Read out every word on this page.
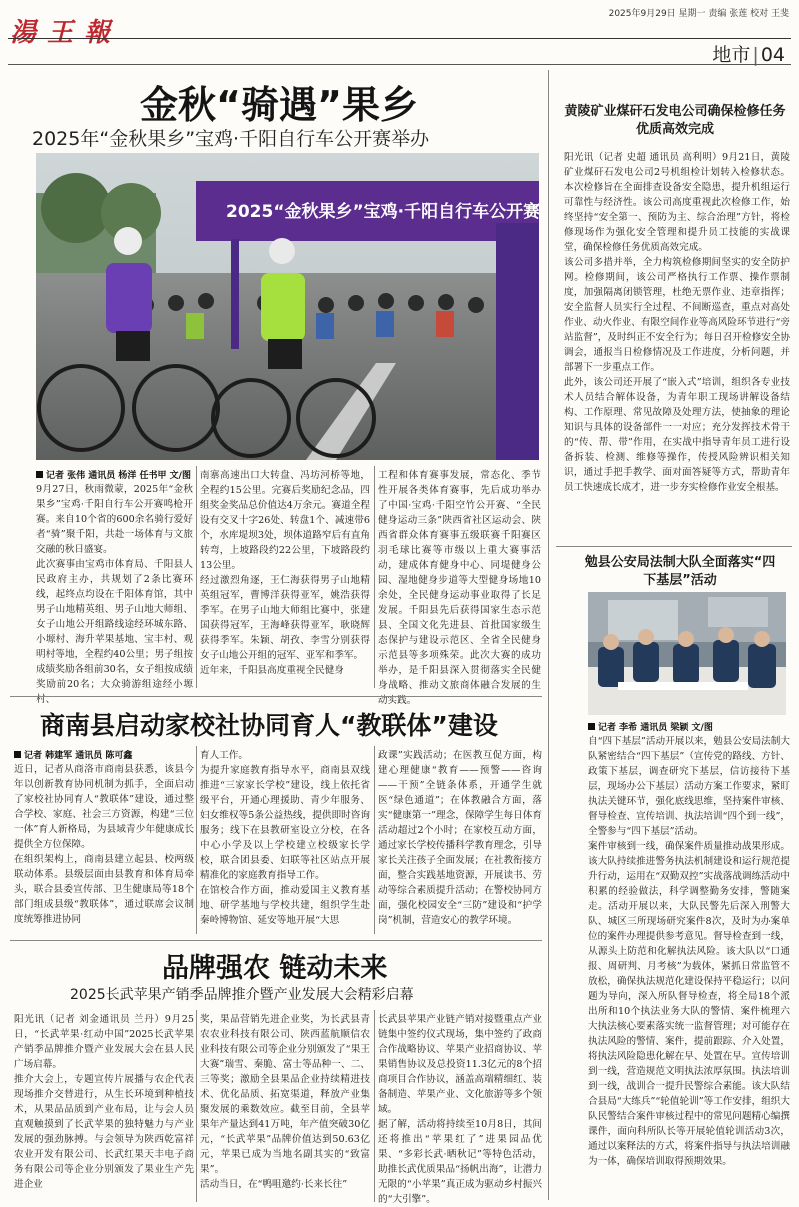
湯 王 報
2025年9月29日 星期一 责编 张莲 校对 王斐
地市 | 04
金秋“骑遇”果乡
2025年“金秋果乡”宝鸡·千阳自行车公开赛举办
2025“金秋果乡”宝鸡·千阳自行车公开赛
记者 张伟 通讯员 杨洋 任书甲 文/图
9月27日，秋雨微蒙，2025年“金秋果乡”宝鸡·千阳自行车公开赛鸣枪开赛。来自10个省的600余名骑行爱好者“骑”聚千阳，共赴一场体育与文旅交融的秋日盛宴。
此次赛事由宝鸡市体育局、千阳县人民政府主办，共规划了2条比赛环线，起终点均设在千阳体育馆，其中男子山地精英组、男子山地大师组、女子山地公开组路线途经环城东路、小塬村、海升苹果基地、宝丰村、观明村等地，全程约40公里；男子组按成绩奖励各组前30名，女子组按成绩奖励前20名；大众骑游组途经小塬村、
南寨高速出口大转盘、冯坊河桥等地，全程约15公里。完赛后奖励纪念品，四组奖金奖品总价值达4万余元。赛道全程设有交叉十字26处、转盘1个、减速带6个，水库堤坝3处，坝体道路窄后有直角转弯，上坡路段约22公里，下坡路段约13公里。
经过激烈角逐，王仁海获得男子山地精英组冠军，曹博洋获得亚军，姚浩获得季军。在男子山地大师组比赛中，张建国获得冠军，王海峰获得亚军，耿晓辉获得季军。朱颖、胡孜、李雪分别获得女子山地公开组的冠军、亚军和季军。
近年来，千阳县高度重视全民健身
工程和体育赛事发展，常态化、季节性开展各类体育赛事，先后成功举办了中国·宝鸡·千阳空竹公开赛、“全民健身运动三条”陕西省社区运动会、陕西省群众体育赛事五级联赛千阳赛区羽毛球比赛等市级以上重大赛事活动，建成体育健身中心、同堤健身公园、湿地健身步道等大型健身场地10余处，全民健身运动事业取得了长足发展。千阳县先后获得国家生态示范县、全国文化先进县、首批国家级生态保护与建设示范区、全省全民健身示范县等多项殊荣。此次大赛的成功举办，是千阳县深入贯彻落实全民健身战略、推动文旅商体融合发展的生动实践。
黄陵矿业煤矸石发电公司确保检修任务优质高效完成
阳光讯（记者 史超 通讯员 高利明）9月21日，黄陵矿业煤矸石发电公司2号机组检计划转入检修状态。本次检修旨在全面排查设备安全隐患，提升机组运行可靠性与经济性。该公司高度重视此次检修工作，始终坚持“安全第一、预防为主、综合治理”方针，将检修现场作为强化安全管理和提升员工技能的实战课堂，确保检修任务优质高效完成。
该公司多措并举，全力构筑检修期间坚实的安全防护网。检修期间，该公司严格执行工作票、操作票制度，加强隔离闭锁管理，杜绝无票作业、违章指挥；安全监督人员实行全过程、不间断巡查，重点对高处作业、动火作业、有限空间作业等高风险环节进行“旁站监督”，及时纠正不安全行为；每日召开检修安全协调会，通报当日检修情况及工作进度，分析问题，并部署下一步重点工作。
此外，该公司还开展了“嵌入式”培训，组织各专业技术人员结合解体设备，为青年职工现场讲解设备结构、工作原理、常见故障及处理方法，使抽象的理论知识与具体的设备部件一一对应；充分发挥技术骨干的“传、帮、带”作用，在实战中指导青年员工进行设备拆装、检测、维修等操作，传授风险辨识相关知识，通过手把手教学、面对面答疑等方式，帮助青年员工快速成长成才，进一步夯实检修作业安全根基。
勉县公安局法制大队全面落实“四下基层”活动
记者 李希 通讯员 梁颖 文/图
自“四下基层”活动开展以来，勉县公安局法制大队紧密结合“四下基层”（宣传党的路线、方针、政策下基层，调查研究下基层，信访接待下基层，现场办公下基层）活动方案工作要求，紧盯执法关键环节，强化底线思维，坚持案件审核、督导检查、宣传培训、执法培训“四个到一线”，全警参与“四下基层”活动。
案件审核到一线，确保案件质量推动战果形成。该大队持续推进警务执法机制建设和运行规范提升行动，运用在“双勤双控”实战落战调练活动中积累的经验做法，科学调整勤务安排，警随案走。活动开展以来，大队民警先后深入刑警大队、城区三所现场研究案件8次，及时为办案单位的案件办理提供参考意见。督导检查到一线，从源头上防范和化解执法风险。该大队以“口通报、周研判、月考核”为载体，紧抓日常监管不放松，确保执法规范化建设保持平稳运行；以问题为导向，深入所队督导检查，将全局18个派出所和10个执法业务大队的警情、案件梳理六大执法核心要素落实统一监督管理；对可能存在执法风险的警情、案件，提前跟踪、介入处置，将执法风险隐患化解在早、处置在早。宣传培训到一线，营造规范文明执法浓厚氛围。执法培训到一线，战训合一提升民警综合素能。该大队结合县局“大练兵”“轮值轮训”等工作安排，组织大队民警结合案件审核过程中的常见问题精心编撰课件，面向科所队长等开展轮值轮训活动3次，通过以案释法的方式，将案件指导与执法培训融为一体，确保培训取得预期效果。
商南县启动家校社协同育人“教联体”建设
记者 韩建军 通讯员 陈可鑫
近日，记者从商洛市商南县获悉，该县今年以创新教育协同机制为抓手，全面启动了家校社协同育人“教联体”建设，通过整合学校、家庭、社会三方资源，构建“三位一体”育人新格局，为县域青少年健康成长提供全方位保障。
在组织架构上，商南县建立起县、校两级联动体系。县级层面由县教育和体育局牵头，联合县委宣传部、卫生健康局等18个部门组成县级“教联体”，通过联席会议制度统筹推进协同
育人工作。
为提升家庭教育指导水平，商南县双线推进“三家家长学校”建设，线上依托省级平台，开通心理援助、青少年服务、妇女维权等5条公益热线，提供即时咨询服务；线下在县教研室设立分校，在各中心小学及以上学校建立校级家长学校，联合团县委、妇联等社区站点开展精准化的家庭教育指导工作。
在馆校合作方面，推动爱国主义教育基地、研学基地与学校共建，组织学生赴秦岭博物馆、延安等地开展“大思
政课”实践活动；在医教互促方面，构建心理健康“教育——预警——咨询——干预”全链条体系，开通学生就医“绿色通道”；在体教融合方面，落实“健康第一”理念，保障学生每日体育活动超过2个小时；在家校互动方面，通过家长学校传播科学教育理念，引导家长关注孩子全面发展；在社教衔接方面，整合实践基地资源，开展读书、劳动等综合素质提升活动；在警校协同方面，强化校园安全“三防”建设和“护学岗”机制，营造安心的教学环境。
品牌强农 链动未来
2025长武苹果产销季品牌推介暨产业发展大会精彩启幕
阳光讯（记者 刘金通讯员 兰丹）9月25日，“长武苹果·红动中国”2025长武苹果产销季品牌推介暨产业发展大会在县人民广场启幕。
推介大会上，专题宣传片展播与农企代表现场推介交替进行，从生长环境到种植技术，从果品品质到产业布局，让与会人员直观触摸到了长武苹果的独特魅力与产业发展的强劲脉搏。与会领导为陕西乾富祥农业开发有限公司、长武红果天丰电子商务有限公司等企业分别颁发了果业生产先进企业
奖，果品营销先进企业奖，为长武县青农农业科技有限公司、陕西蓝航顺信农业科技有限公司等企业分别颁发了“果王大赛”瑞雪、秦脆、富士等品种一、二、三等奖；激励全县果品企业持续精进技术、优化品质、拓宽渠道，释放产业集聚发展的乘数效应。截至目前，全县苹果年产量达到41万吨，年产值突破30亿元，“长武苹果”品牌价值达到50.63亿元，苹果已成为当地名副其实的“致富果”。
活动当日，在“鸭咀邀约·长来长往”
长武县苹果产业链产销对接暨重点产业链集中签约仪式现场，集中签约了政商合作战略协议、苹果产业招商协议、苹果销售协议及总投资11.3亿元的8个招商项目合作协议，涵盖高端精细红、装备制造、苹果产业、文化旅游等多个领域。
据了解，活动将持续至10月8日，其间还将推出“苹果红了”进果园品优果、“多彩长武·晒秋记”等特色活动，助推长武优质果品“扬帆出海”，让潜力无限的“小苹果”真正成为驱动乡村振兴的“大引擎”。
